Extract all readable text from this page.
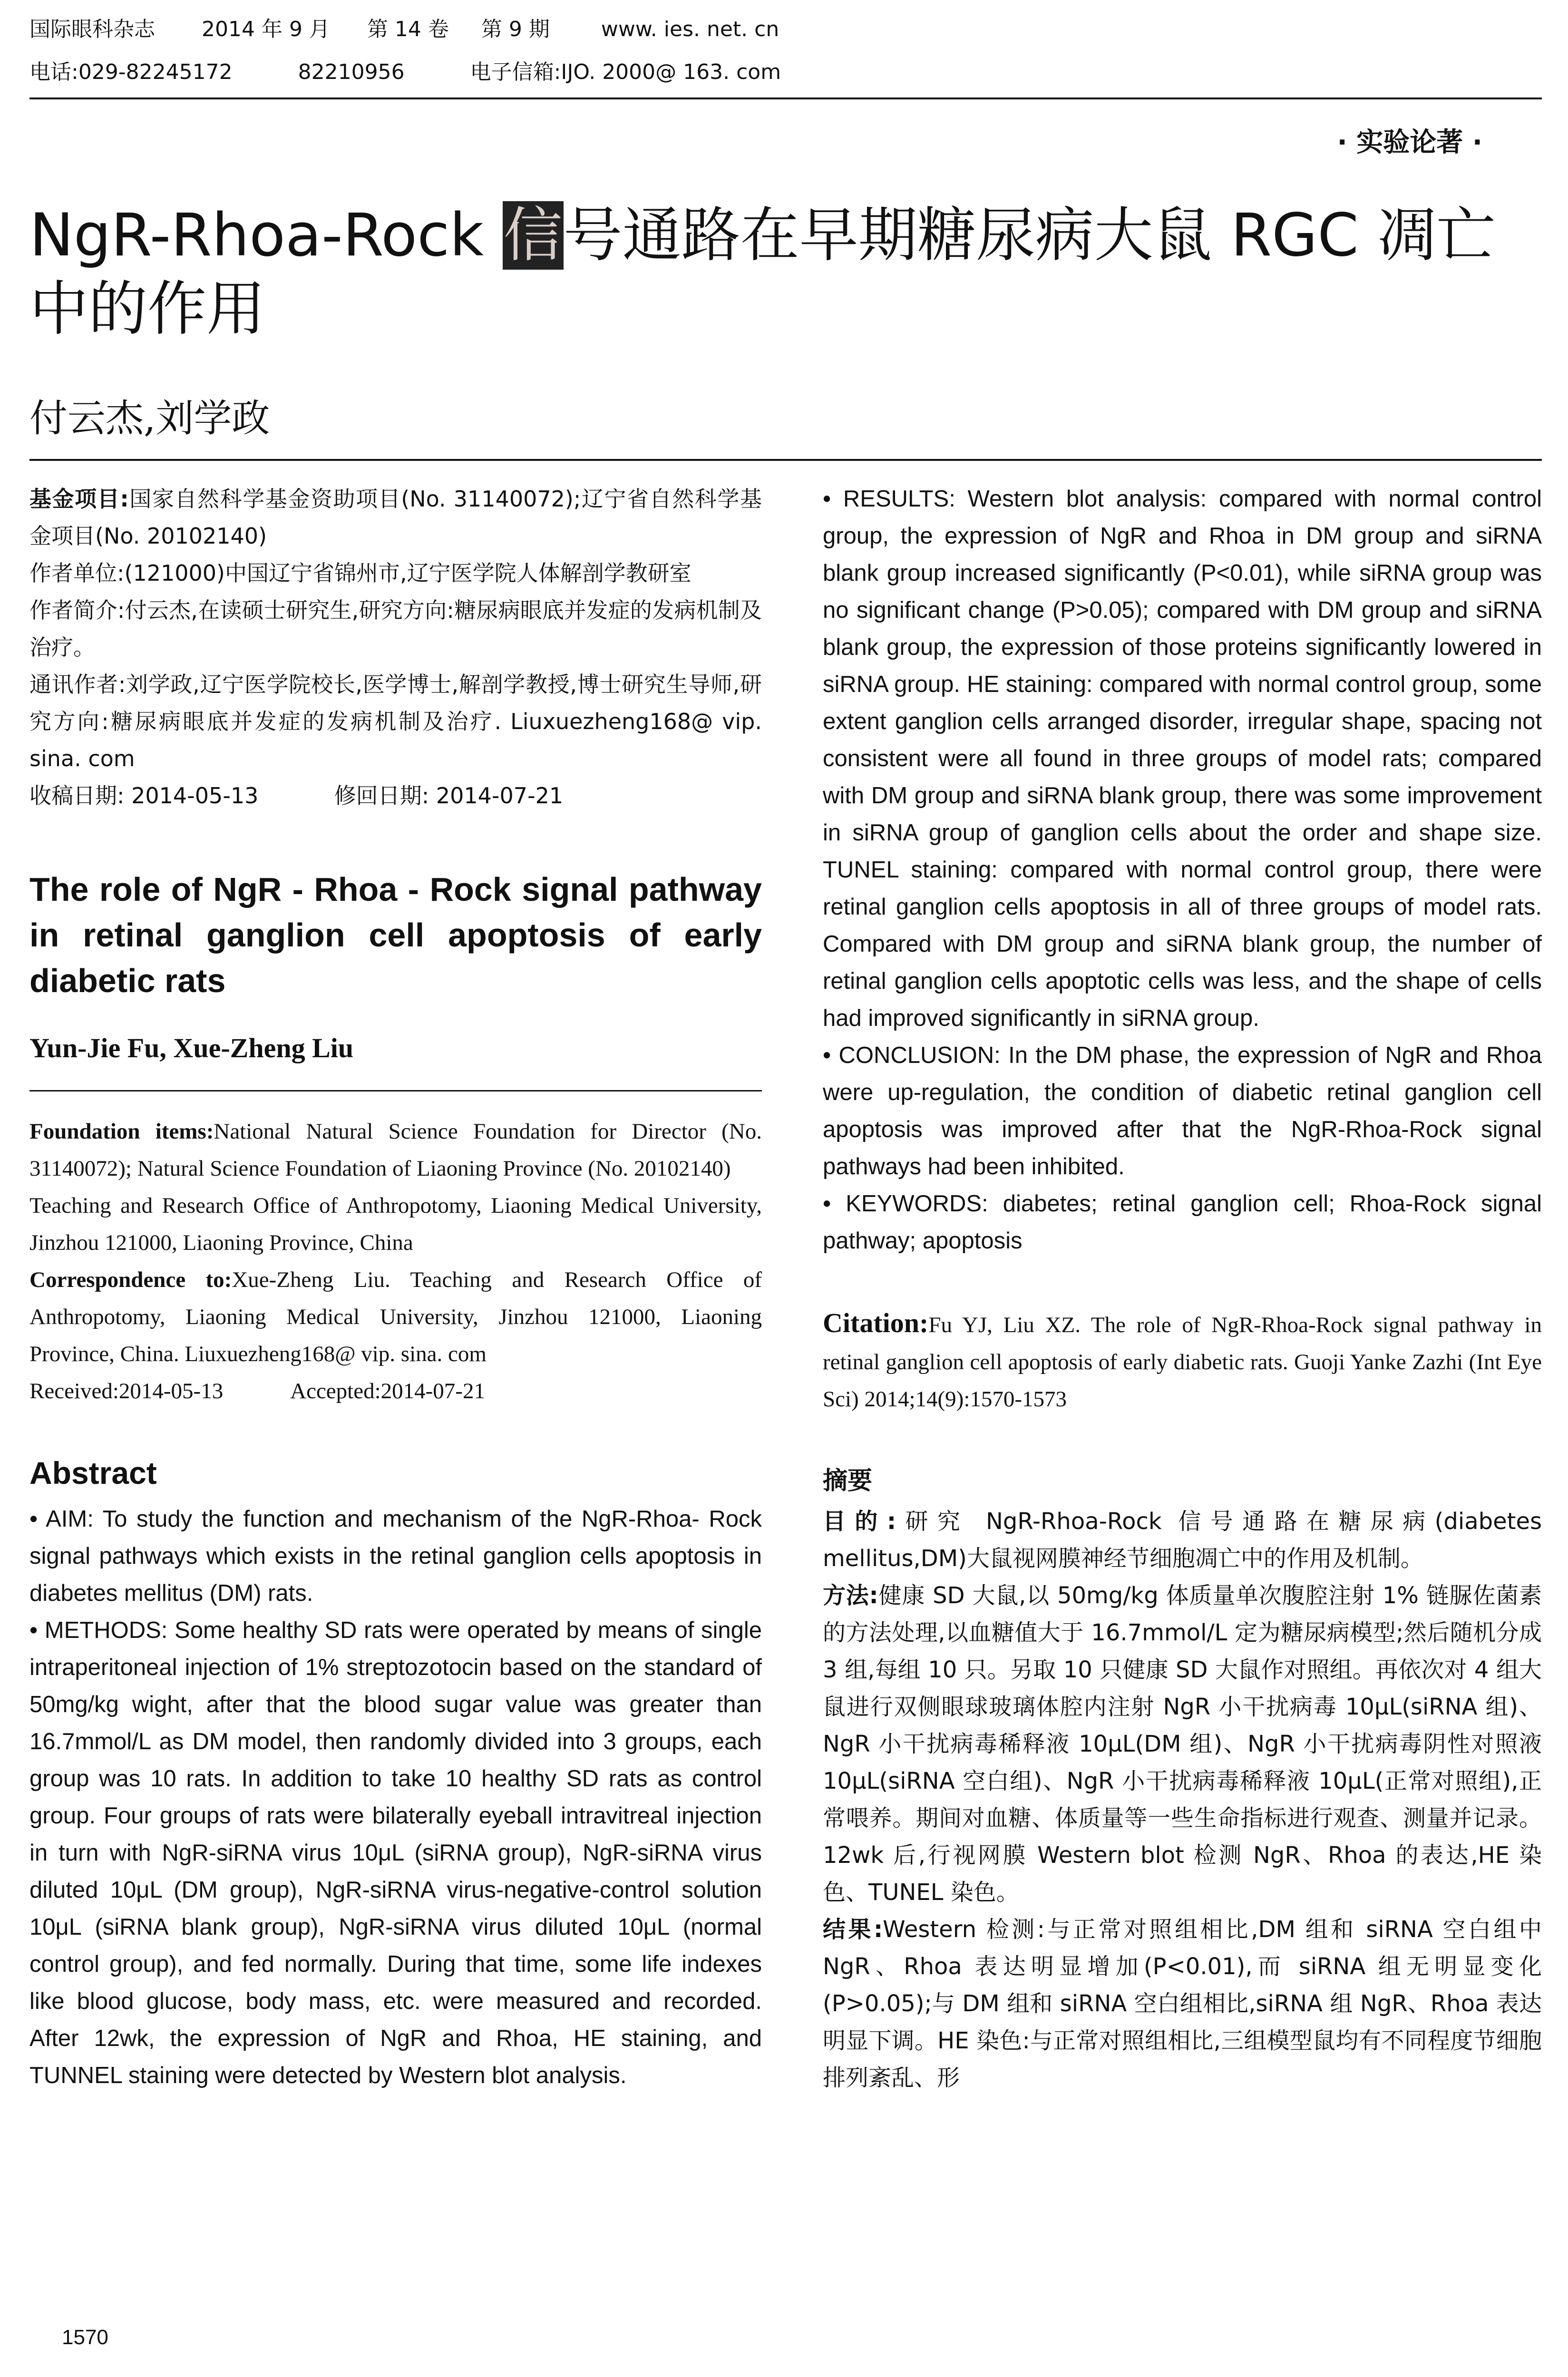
国际眼科杂志 2014 年 9 月 第 14 卷 第 9 期 www. ies. net. cn
电话:029-82245172	82210956	电子信箱:IJO. 2000@ 163. com
· 实验论著 ·
NgR-Rhoa-Rock 信号通路在早期糖尿病大鼠 RGC 凋亡
中的作用
付云杰,刘学政

基金项目:国家自然科学基金资助项目(No. 31140072);辽宁省自然科学基金项目(No. 20102140)

作者单位:(121000)中国辽宁省锦州市,辽宁医学院人体解剖学教研室

作者简介:付云杰,在读硕士研究生,研究方向:糖尿病眼底并发症的发病机制及治疗。

通讯作者:刘学政,辽宁医学院校长,医学博士,解剖学教授,博士研究生导师,研究方向:糖尿病眼底并发症的发病机制及治疗. Liuxuezheng168@ vip. sina. com

收稿日期: 2014-05-13	修回日期: 2014-07-21

The role of NgR - Rhoa - Rock signal pathway in retinal ganglion cell apoptosis of early diabetic rats
Yun-Jie Fu, Xue-Zheng Liu

Foundation items:National Natural Science Foundation for Director (No. 31140072); Natural Science Foundation of Liaoning Province (No. 20102140)

Teaching and Research Office of Anthropotomy, Liaoning Medical University, Jinzhou 121000, Liaoning Province, China

Correspondence to:Xue-Zheng Liu. Teaching and Research Office of Anthropotomy, Liaoning Medical University, Jinzhou 121000, Liaoning Province, China. Liuxuezheng168@ vip. sina. com

Received:2014-05-13	Accepted:2014-07-21

Abstract

• AIM: To study the function and mechanism of the NgR-Rhoa- Rock signal pathways which exists in the retinal ganglion cells apoptosis in diabetes mellitus (DM) rats.

• METHODS: Some healthy SD rats were operated by means of single intraperitoneal injection of 1% streptozotocin based on the standard of 50mg/kg wight, after that the blood sugar value was greater than 16.7mmol/L as DM model, then randomly divided into 3 groups, each group was 10 rats. In addition to take 10 healthy SD rats as control group. Four groups of rats were bilaterally eyeball intravitreal injection in turn with NgR-siRNA virus 10μL (siRNA group), NgR-siRNA virus diluted 10μL (DM group), NgR-siRNA virus-negative-control solution 10μL (siRNA blank group), NgR-siRNA virus diluted 10μL (normal control group), and fed normally. During that time, some life indexes like blood glucose, body mass, etc. were measured and recorded. After 12wk, the expression of NgR and Rhoa, HE staining, and TUNNEL staining were detected by Western blot analysis.

• RESULTS: Western blot analysis: compared with normal control group, the expression of NgR and Rhoa in DM group and siRNA blank group increased significantly (P<0.01), while siRNA group was no significant change (P>0.05); compared with DM group and siRNA blank group, the expression of those proteins significantly lowered in siRNA group. HE staining: compared with normal control group, some extent ganglion cells arranged disorder, irregular shape, spacing not consistent were all found in three groups of model rats; compared with DM group and siRNA blank group, there was some improvement in siRNA group of ganglion cells about the order and shape size. TUNEL staining: compared with normal control group, there were retinal ganglion cells apoptosis in all of three groups of model rats. Compared with DM group and siRNA blank group, the number of retinal ganglion cells apoptotic cells was less, and the shape of cells had improved significantly in siRNA group.

• CONCLUSION: In the DM phase, the expression of NgR and Rhoa were up-regulation, the condition of diabetic retinal ganglion cell apoptosis was improved after that the NgR-Rhoa-Rock signal pathways had been inhibited.

• KEYWORDS: diabetes; retinal ganglion cell; Rhoa-Rock signal pathway; apoptosis

Citation:Fu YJ, Liu XZ. The role of NgR-Rhoa-Rock signal pathway in retinal ganglion cell apoptosis of early diabetic rats. Guoji Yanke Zazhi (Int Eye Sci) 2014;14(9):1570-1573
摘要

目的:研究 NgR-Rhoa-Rock 信号通路在糖尿病(diabetes mellitus,DM)大鼠视网膜神经节细胞凋亡中的作用及机制。

方法:健康 SD 大鼠,以 50mg/kg 体质量单次腹腔注射 1% 链脲佐菌素的方法处理,以血糖值大于 16.7mmol/L 定为糖尿病模型;然后随机分成 3 组,每组 10 只。另取 10 只健康 SD 大鼠作对照组。再依次对 4 组大鼠进行双侧眼球玻璃体腔内注射 NgR 小干扰病毒 10μL(siRNA 组)、NgR 小干扰病毒稀释液 10μL(DM 组)、NgR 小干扰病毒阴性对照液 10μL(siRNA 空白组)、NgR 小干扰病毒稀释液 10μL(正常对照组),正常喂养。期间对血糖、体质量等一些生命指标进行观查、测量并记录。12wk 后,行视网膜 Western blot 检测 NgR、Rhoa 的表达,HE 染色、TUNEL 染色。

结果:Western 检测:与正常对照组相比,DM 组和 siRNA 空白组中 NgR、Rhoa 表达明显增加(P<0.01),而 siRNA 组无明显变化(P>0.05);与 DM 组和 siRNA 空白组相比,siRNA 组 NgR、Rhoa 表达明显下调。HE 染色:与正常对照组相比,三组模型鼠均有不同程度节细胞排列紊乱、形

1570
